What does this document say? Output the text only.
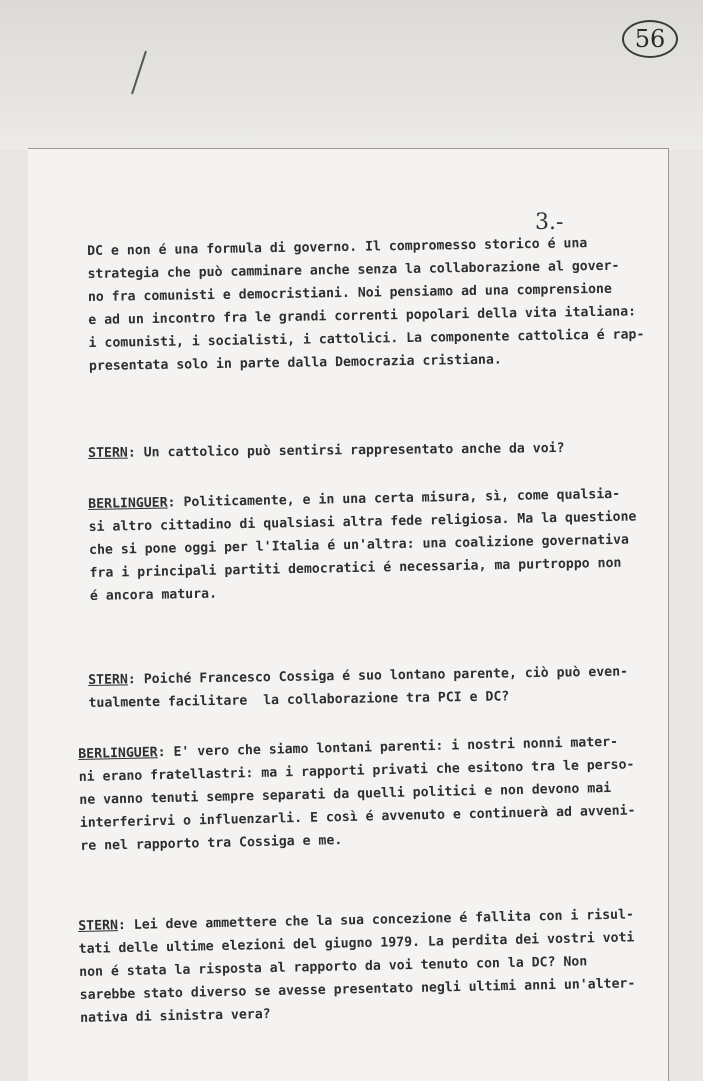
56
3.-
DC e non é una formula di governo. Il compromesso storico é una
strategia che può camminare anche senza la collaborazione al gover-
no fra comunisti e democristiani. Noi pensiamo ad una comprensione
e ad un incontro fra le grandi correnti popolari della vita italiana:
i comunisti, i socialisti, i cattolici. La componente cattolica é rap-
presentata solo in parte dalla Democrazia cristiana.
STERN: Un cattolico può sentirsi rappresentato anche da voi?
BERLINGUER: Politicamente, e in una certa misura, sì, come qualsia-
si altro cittadino di qualsiasi altra fede religiosa. Ma la questione
che si pone oggi per l'Italia é un'altra: una coalizione governativa
fra i principali partiti democratici é necessaria, ma purtroppo non
é ancora matura.
STERN: Poiché Francesco Cossiga é suo lontano parente, ciò può even-
tualmente facilitare  la collaborazione tra PCI e DC?
BERLINGUER: E' vero che siamo lontani parenti: i nostri nonni mater-
ni erano fratellastri: ma i rapporti privati che esitono tra le perso-
ne vanno tenuti sempre separati da quelli politici e non devono mai
interferirvi o influenzarli. E così é avvenuto e continuerà ad avveni-
re nel rapporto tra Cossiga e me.
STERN: Lei deve ammettere che la sua concezione é fallita con i risul-
tati delle ultime elezioni del giugno 1979. La perdita dei vostri voti
non é stata la risposta al rapporto da voi tenuto con la DC? Non
sarebbe stato diverso se avesse presentato negli ultimi anni un'alter-
nativa di sinistra vera?
